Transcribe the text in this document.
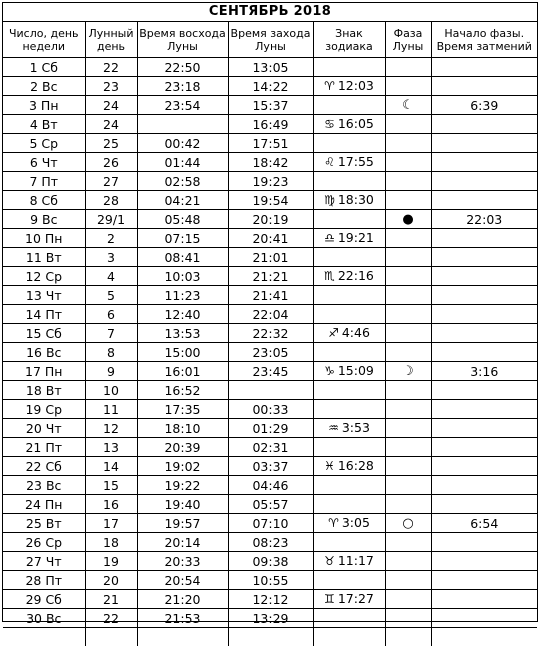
СЕНТЯБРЬ 2018
Число, день недели	Лунный день	Время восхода Луны	Время захода Луны	Знак зодиака	Фаза Луны	Начало фазы. Время затмений
1 Сб	22	22:50	13:05			
2 Вс	23	23:18	14:22	♈ 12:03		
3 Пн	24	23:54	15:37		☾	6:39
4 Вт	24		16:49	♋ 16:05		
5 Ср	25	00:42	17:51			
6 Чт	26	01:44	18:42	♌ 17:55		
7 Пт	27	02:58	19:23			
8 Сб	28	04:21	19:54	♍ 18:30		
9 Вс	29/1	05:48	20:19		●	22:03
10 Пн	2	07:15	20:41	♎ 19:21		
11 Вт	3	08:41	21:01			
12 Ср	4	10:03	21:21	♏ 22:16		
13 Чт	5	11:23	21:41			
14 Пт	6	12:40	22:04			
15 Сб	7	13:53	22:32	♐ 4:46		
16 Вс	8	15:00	23:05			
17 Пн	9	16:01	23:45	♑ 15:09	☽	3:16
18 Вт	10	16:52				
19 Ср	11	17:35	00:33			
20 Чт	12	18:10	01:29	♒ 3:53		
21 Пт	13	20:39	02:31			
22 Сб	14	19:02	03:37	♓ 16:28		
23 Вс	15	19:22	04:46			
24 Пн	16	19:40	05:57			
25 Вт	17	19:57	07:10	♈ 3:05	○	6:54
26 Ср	18	20:14	08:23			
27 Чт	19	20:33	09:38	♉ 11:17		
28 Пт	20	20:54	10:55			
29 Сб	21	21:20	12:12	♊ 17:27		
30 Вс	22	21:53	13:29			
